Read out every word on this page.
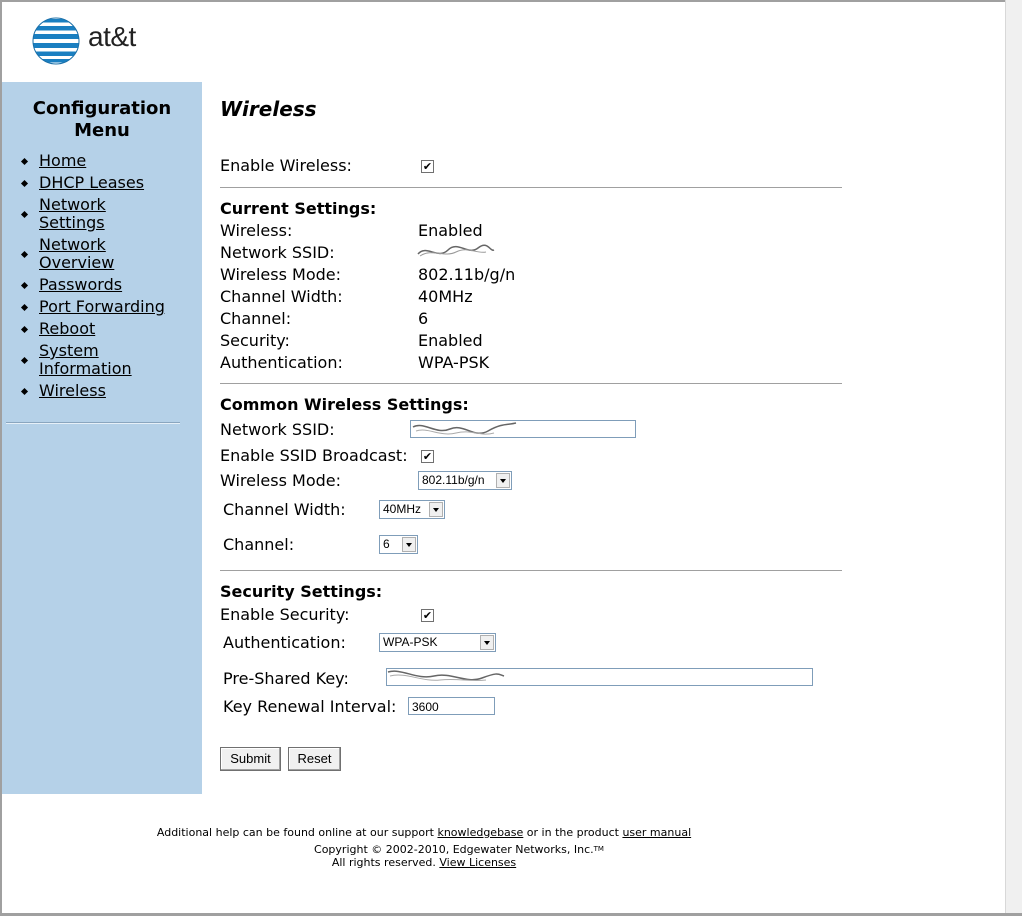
at&t
Configuration
Menu
Home
DHCP Leases
Network
Settings
Network
Overview
Passwords
Port Forwarding
Reboot
System
Information
Wireless
Wireless
Enable Wireless:	✔
Current Settings:
Wireless:	Enabled
Network SSID:
Wireless Mode:	802.11b/g/n
Channel Width:	40MHz
Channel:	6
Security:	Enabled
Authentication:	WPA-PSK
Common Wireless Settings:
Network SSID:
Enable SSID Broadcast: ✔
Wireless Mode:	802.11b/g/n
Channel Width:	40MHz
Channel:	6
Security Settings:
Enable Security:	✔
Authentication:	WPA-PSK
Pre-Shared Key:
Key Renewal Interval:	3600
Submit	Reset
Additional help can be found online at our support knowledgebase or in the product user manual
Copyright © 2002-2010, Edgewater Networks, Inc.™
All rights reserved. View Licenses
